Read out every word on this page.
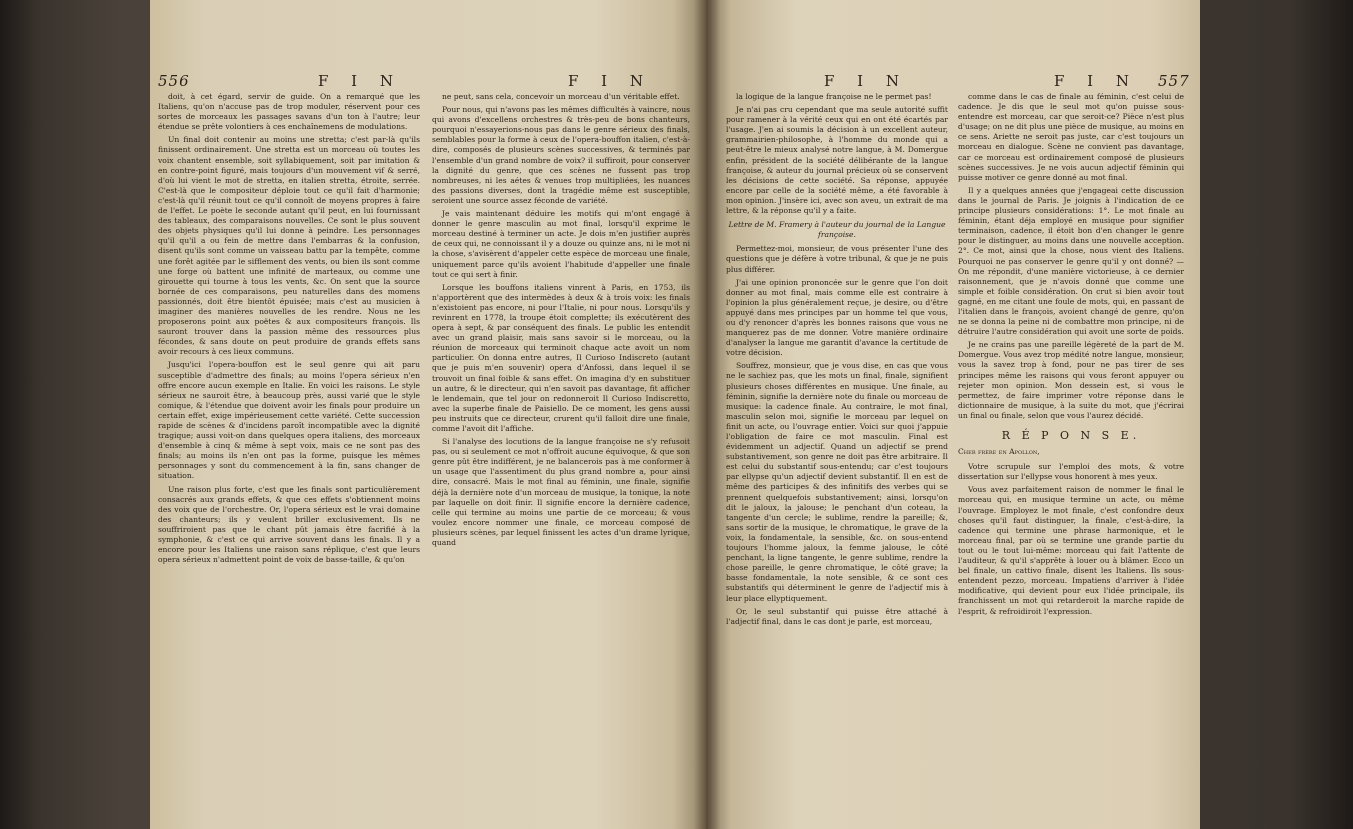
556	F I N	F I N

doit, à cet égard, servir de guide. On a remarqué que les Italiens, qu'on n'accuse pas de trop moduler, réservent pour ces sortes de morceaux les passages savans d'un ton à l'autre; leur étendue se prête volontiers à ces enchaînemens de modulations.

Un final doit contenir au moins une stretta; c'est par-là qu'ils finissent ordinairement. Une stretta est un morceau où toutes les voix chantent ensemble, soit syllabiquement, soit par imitation & en contre-point figuré, mais toujours d'un mouvement vif & serré, d'où lui vient le mot de stretta, en italien stretta, étroite, serrée. C'est-là que le compositeur déploie tout ce qu'il fait d'harmonie; c'est-là qu'il réunit tout ce qu'il connoît de moyens propres à faire de l'effet. Le poète le seconde autant qu'il peut, en lui fournissant des tableaux, des comparaisons nouvelles. Ce sont le plus souvent des objets physiques qu'il lui donne à peindre. Les personnages qu'il qu'il a ou fein de mettre dans l'embarras & la confusion, disent qu'ils sont comme un vaisseau battu par la tempête, comme une forêt agitée par le sifflement des vents, ou bien ils sont comme une forge où battent une infinité de marteaux, ou comme une girouette qui tourne à tous les vents, &c. On sent que la source bornée de ces comparaisons, peu naturelles dans des momens passionnés, doit être bientôt épuisée; mais c'est au musicien à imaginer des manières nouvelles de les rendre. Nous ne les proposerons point aux poëtes & aux compositeurs françois. Ils sauront trouver dans la passion même des ressources plus fécondes, & sans doute on peut produire de grands effets sans avoir recours à ces lieux communs.

Jusqu'ici l'opera-bouffon est le seul genre qui ait paru susceptible d'admettre des finals; au moins l'opera sérieux n'en offre encore aucun exemple en Italie. En voici les raisons. Le style sérieux ne sauroit être, à beaucoup près, aussi varié que le style comique, & l'étendue que doivent avoir les finals pour produire un certain effet, exige impérieusement cette variété. Cette succession rapide de scènes & d'incidens paroît incompatible avec la dignité tragique; aussi voit-on dans quelques opera italiens, des morceaux d'ensemble à cinq & même à sept voix, mais ce ne sont pas des finals; au moins ils n'en ont pas la forme, puisque les mêmes personnages y sont du commencement à la fin, sans changer de situation.

Une raison plus forte, c'est que les finals sont particulièrement consacrés aux grands effets, & que ces effets s'obtiennent moins des voix que de l'orchestre. Or, l'opera sérieux est le vrai domaine des chanteurs; ils y veulent briller exclusivement. Ils ne souffriroient pas que le chant pût jamais être facrifié à la symphonie, & c'est ce qui arrive souvent dans les finals. Il y a encore pour les Italiens une raison sans réplique, c'est que leurs opera sérieux n'admettent point de voix de basse-taille, & qu'on

ne peut, sans cela, concevoir un morceau d'un véritable effet.

Pour nous, qui n'avons pas les mêmes difficultés à vaincre, nous qui avons d'excellens orchestres & très-peu de bons chanteurs, pourquoi n'essayerions-nous pas dans le genre sérieux des finals, semblables pour la forme à ceux de l'opera-bouffon italien, c'est-à-dire, composés de plusieurs scènes successives, & terminés par l'ensemble d'un grand nombre de voix? il suffiroit, pour conserver la dignité du genre, que ces scènes ne fussent pas trop nombreuses, ni les aétes & venues trop multipliées, les nuances des passions diverses, dont la tragédie même est susceptible, seroient une source assez féconde de variété.

Je vais maintenant déduire les motifs qui m'ont engagé à donner le genre masculin au mot final, lorsqu'il exprime le morceau destiné à terminer un acte. Je dois m'en justifier auprès de ceux qui, ne connoissant il y a douze ou quinze ans, ni le mot ni la chose, s'avisèrent d'appeler cette espèce de morceau une finale, uniquement parce qu'ils avoient l'habitude d'appeller une finale tout ce qui sert à finir.

Lorsque les bouffons italiens vinrent à Paris, en 1753, ils n'apportèrent que des intermèdes à deux & à trois voix: les finals n'existoient pas encore, ni pour l'Italie, ni pour nous. Lorsqu'ils y revinrent en 1778, la troupe étoit complette; ils exécutèrent des opera à sept, & par conséquent des finals. Le public les entendit avec un grand plaisir, mais sans savoir si le morceau, ou la réunion de morceaux qui terminoit chaque acte avoit un nom particulier. On donna entre autres, Il Curioso Indiscreto (autant que je puis m'en souvenir) opera d'Anfossi, dans lequel il se trouvoit un final foible & sans effet. On imagina d'y en substituer un autre, & le directeur, qui n'en savoit pas davantage, fit afficher le lendemain, que tel jour on redonneroit Il Curioso Indiscretto, avec la superbe finale de Paisiello. De ce moment, les gens aussi peu instruits que ce directeur, crurent qu'il falloit dire une finale, comme l'avoit dit l'affiche.

Si l'analyse des locutions de la langue françoise ne s'y refusoit pas, ou si seulement ce mot n'offroit aucune équivoque, & que son genre pût être indifférent, je ne balancerois pas à me conformer à un usage que l'assentiment du plus grand nombre a, pour ainsi dire, consacré. Mais le mot final au féminin, une finale, signifie déjà la dernière note d'un morceau de musique, la tonique, la note par laquelle on doit finir. Il signifie encore la dernière cadence, celle qui termine au moins une partie de ce morceau; & vous voulez encore nommer une finale, ce morceau composé de plusieurs scènes, par lequel finissent les actes d'un drame lyrique, quand

F I N	F I N 557

la logique de la langue françoise ne le permet pas!

Je n'ai pas cru cependant que ma seule autorité suffit pour ramener à la vérité ceux qui en ont été écartés par l'usage. J'en ai soumis la décision à un excellent auteur, grammairien-philosophe, à l'homme du monde qui a peut-être le mieux analysé notre langue, à M. Domergue enfin, président de la société délibérante de la langue françoise, & auteur du journal précieux où se conservent les décisions de cette société. Sa réponse, appuyée encore par celle de la société même, a été favorable à mon opinion. J'insère ici, avec son aveu, un extrait de ma lettre, & la réponse qu'il y a faite.

Lettre de M. Framery à l'auteur du journal de la Langue françoise.

Permettez-moi, monsieur, de vous présenter l'une des questions que je défère à votre tribunal, & que je ne puis plus différer.

J'ai une opinion prononcée sur le genre que l'on doit donner au mot final, mais comme elle est contraire à l'opinion la plus généralement reçue, je desire, ou d'être appuyé dans mes principes par un homme tel que vous, ou d'y renoncer d'après les bonnes raisons que vous ne manquerez pas de me donner. Votre manière ordinaire d'analyser la langue me garantit d'avance la certitude de votre décision.

Souffrez, monsieur, que je vous dise, en cas que vous ne le sachiez pas, que les mots un final, finale, signifient plusieurs choses différentes en musique. Une finale, au féminin, signifie la dernière note du finale ou morceau de musique: la cadence finale. Au contraire, le mot final, masculin selon moi, signifie le morceau par lequel on finit un acte, ou l'ouvrage entier. Voici sur quoi j'appuie l'obligation de faire ce mot masculin. Final est évidemment un adjectif. Quand un adjectif se prend substantivement, son genre ne doit pas être arbitraire. Il est celui du substantif sous-entendu; car c'est toujours par ellypse qu'un adjectif devient substantif. Il en est de même des participes & des infinitifs des verbes qui se prennent quelquefois substantivement; ainsi, lorsqu'on dit le jaloux, la jalouse; le penchant d'un coteau, la tangente d'un cercle; le sublime, rendre la pareille; &, sans sortir de la musique, le chromatique, le grave de la voix, la fondamentale, la sensible, &c. on sous-entend toujours l'homme jaloux, la femme jalouse, le côté penchant, la ligne tangente, le genre sublime, rendre la chose pareille, le genre chromatique, le côté grave; la basse fondamentale, la note sensible, & ce sont ces substantifs qui déterminent le genre de l'adjectif mis à leur place ellyptiquement.

Or, le seul substantif qui puisse être attaché à l'adjectif final, dans le cas dont je parle, est morceau,

comme dans le cas de finale au féminin, c'est celui de cadence. Je dis que le seul mot qu'on puisse sous-entendre est morceau, car que seroit-ce? Pièce n'est plus d'usage; on ne dit plus une pièce de musique, au moins en ce sens. Ariette ne seroit pas juste, car c'est toujours un morceau en dialogue. Scène ne convient pas davantage, car ce morceau est ordinairement composé de plusieurs scènes successives. Je ne vois aucun adjectif féminin qui puisse motiver ce genre donné au mot final.

Il y a quelques années que j'engageai cette discussion dans le journal de Paris. Je joignis à l'indication de ce principe plusieurs considérations: 1°. Le mot finale au féminin, étant déja employé en musique pour signifier terminaison, cadence, il étoit bon d'en changer le genre pour le distinguer, au moins dans une nouvelle acception. 2°. Ce mot, ainsi que la chose, nous vient des Italiens. Pourquoi ne pas conserver le genre qu'il y ont donné? — On me répondit, d'une manière victorieuse, à ce dernier raisonnement, que je n'avois donné que comme une simple et foible considération. On crut si bien avoir tout gagné, en me citant une foule de mots, qui, en passant de l'italien dans le françois, avoient changé de genre, qu'on ne se donna la peine ni de combattre mon principe, ni de détruire l'autre considération qui avoit une sorte de poids.

Je ne crains pas une pareille légèreté de la part de M. Domergue. Vous avez trop médité notre langue, monsieur, vous la savez trop à fond, pour ne pas tirer de ses principes même les raisons qui vous feront appuyer ou rejeter mon opinion. Mon dessein est, si vous le permettez, de faire imprimer votre réponse dans le dictionnaire de musique, à la suite du mot, que j'écrirai un final ou finale, selon que vous l'aurez décidé.

R É P O N S E.

Cher frère en Apollon,

Votre scrupule sur l'emploi des mots, & votre dissertation sur l'ellypse vous honorent à mes yeux.

Vous avez parfaitement raison de nommer le final le morceau qui, en musique termine un acte, ou même l'ouvrage. Employez le mot finale, c'est confondre deux choses qu'il faut distinguer, la finale, c'est-à-dire, la cadence qui termine une phrase harmonique, et le morceau final, par où se termine une grande partie du tout ou le tout lui-même: morceau qui fait l'attente de l'auditeur, & qu'il s'apprête à louer ou à blâmer. Ecco un bel finale, un cattivo finale, disent les Italiens. Ils sous-entendent pezzo, morceau. Impatiens d'arriver à l'idée modificative, qui devient pour eux l'idée principale, ils franchissent un mot qui retarderoit la marche rapide de l'esprit, & refroidiroit l'expression.
